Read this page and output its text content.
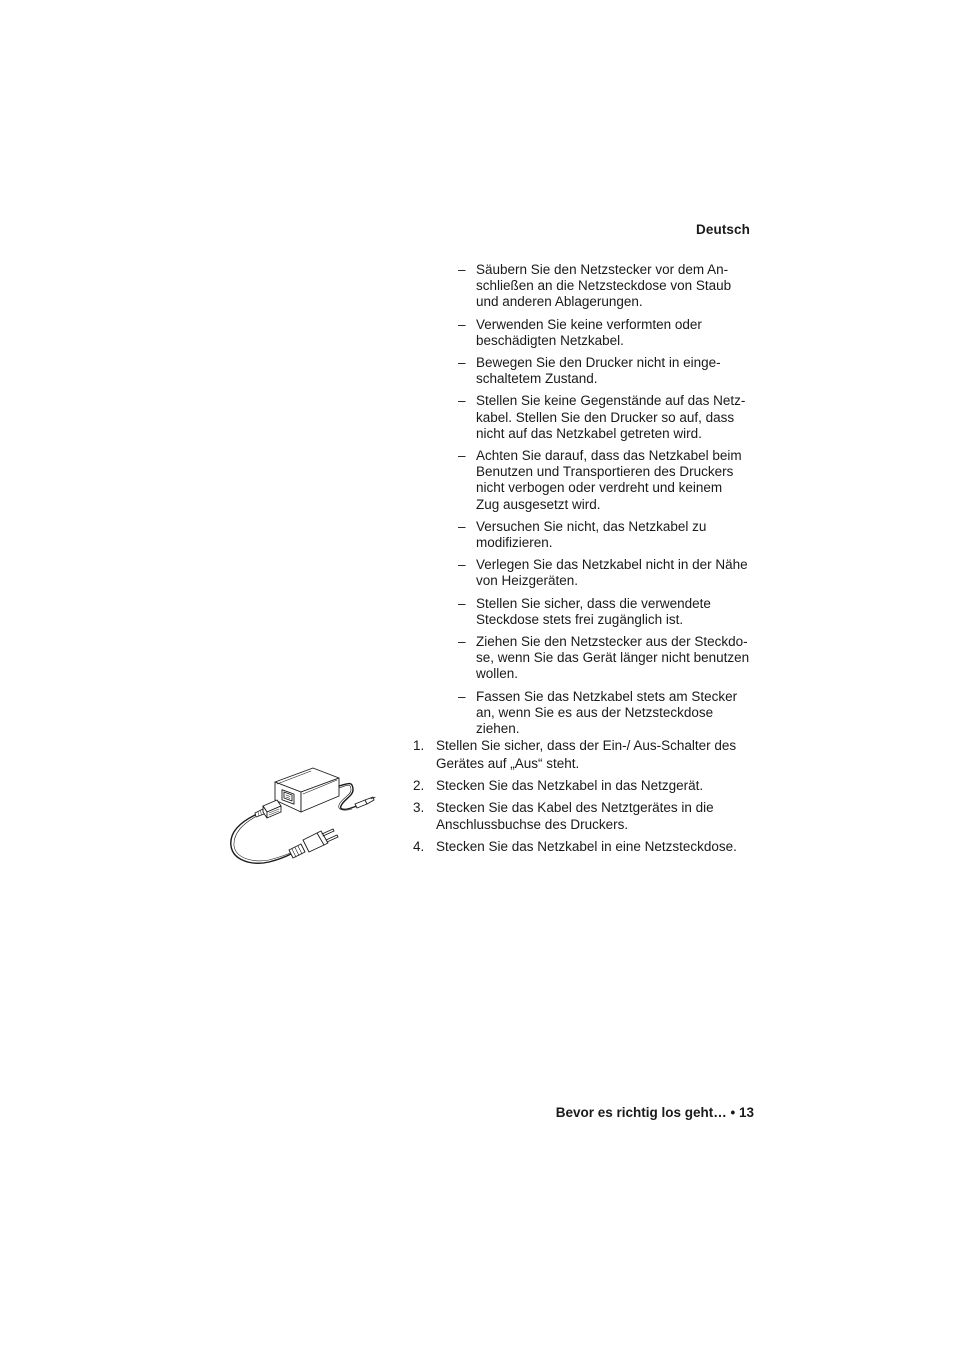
Deutsch
– Säubern Sie den Netzstecker vor dem An-
schließen an die Netzsteckdose von Staub
und anderen Ablagerungen.
– Verwenden Sie keine verformten oder
beschädigten Netzkabel.
– Bewegen Sie den Drucker nicht in einge-
schaltetem Zustand.
– Stellen Sie keine Gegenstände auf das Netz-
kabel. Stellen Sie den Drucker so auf, dass
nicht auf das Netzkabel getreten wird.
– Achten Sie darauf, dass das Netzkabel beim
Benutzen und Transportieren des Druckers
nicht verbogen oder verdreht und keinem
Zug ausgesetzt wird.
– Versuchen Sie nicht, das Netzkabel zu
modifizieren.
– Verlegen Sie das Netzkabel nicht in der Nähe
von Heizgeräten.
– Stellen Sie sicher, dass die verwendete
Steckdose stets frei zugänglich ist.
– Ziehen Sie den Netzstecker aus der Steckdo-
se, wenn Sie das Gerät länger nicht benutzen
wollen.
– Fassen Sie das Netzkabel stets am Stecker
an, wenn Sie es aus der Netzsteckdose
ziehen.
1. Stellen Sie sicher, dass der Ein-/ Aus-Schalter des
Gerätes auf „Aus“ steht.
2. Stecken Sie das Netzkabel in das Netzgerät.
3. Stecken Sie das Kabel des Netztgerätes in die
Anschlussbuchse des Druckers.
4. Stecken Sie das Netzkabel in eine Netzsteckdose.
Bevor es richtig los geht… • 13
